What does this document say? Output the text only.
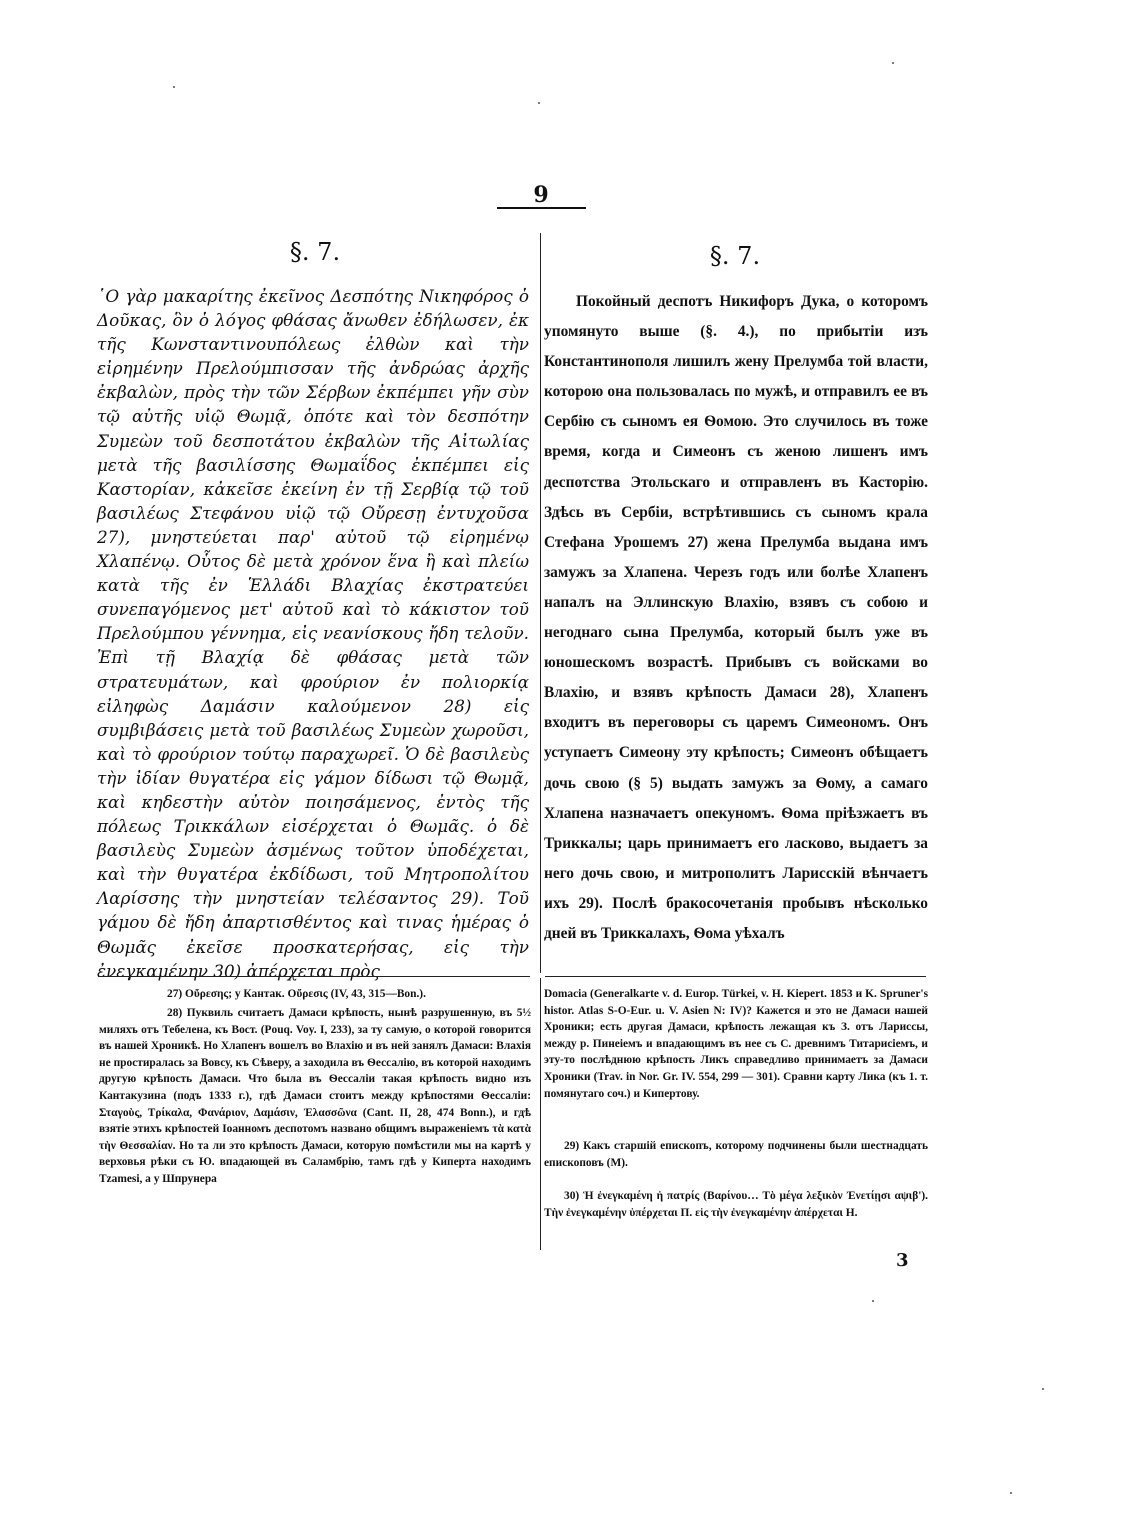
9
§. 7.	§. 7.

῾Ο γὰρ μακαρίτης ἐκεῖνος Δεσπότης Νικηφόρος ὁ Δοῦκας, ὃν ὁ λόγος φθάσας ἄνωθεν ἐδήλωσεν, ἐκ τῆς Κωνσταντινουπόλεως ἐλθὼν καὶ τὴν εἰρημένην Πρελούμπισσαν τῆς ἀνδρώας ἀρχῆς ἐκβαλὼν, πρὸς τὴν τῶν Σέρβων ἐκπέμπει γῆν σὺν τῷ αὐτῆς υἱῷ Θωμᾷ, ὁπότε καὶ τὸν δεσπότην Συμεὼν τοῦ δεσποτάτου ἐκβαλὼν τῆς Αἰτωλίας μετὰ τῆς βασιλίσσης Θωμαΐδος ἐκπέμπει εἰς Καστορίαν, κἀκεῖσε ἐκείνη ἐν τῇ Σερβίᾳ τῷ τοῦ βασιλέως Στεφάνου υἱῷ τῷ Οὔρεσῃ ἐντυχοῦσα 27), μνηστεύεται παρ' αὐτοῦ τῷ εἰρημένῳ Χλαπένῳ. Οὗτος δὲ μετὰ χρόνον ἕνα ἢ καὶ πλείω κατὰ τῆς ἐν Ἑλλάδι Βλαχίας ἐκστρατεύει συνεπαγόμενος μετ' αὐτοῦ καὶ τὸ κάκιστον τοῦ Πρελούμπου γέννημα, εἰς νεανίσκους ἤδη τελοῦν. Ἐπὶ τῇ Βλαχίᾳ δὲ φθάσας μετὰ τῶν στρατευμάτων, καὶ φρούριον ἐν πολιορκίᾳ εἰληφὼς Δαμάσιν καλούμενον 28) εἰς συμβιβάσεις μετὰ τοῦ βασιλέως Συμεὼν χωροῦσι, καὶ τὸ φρούριον τούτῳ παραχωρεῖ. Ὁ δὲ βασιλεὺς τὴν ἰδίαν θυγατέρα εἰς γάμον δίδωσι τῷ Θωμᾷ, καὶ κηδεστὴν αὐτὸν ποιησάμενος, ἐντὸς τῆς πόλεως Τρικκάλων εἰσέρχεται ὁ Θωμᾶς. ὁ δὲ βασιλεὺς Συμεὼν ἀσμένως τοῦτον ὑποδέχεται, καὶ τὴν θυγατέρα ἐκδίδωσι, τοῦ Μητροπολίτου Λαρίσσης τὴν μνηστείαν τελέσαντος 29). Τοῦ γάμου δὲ ἤδη ἀπαρτισθέντος καὶ τινας ἡμέρας ὁ Θωμᾶς ἐκεῖσε προσκατερήσας, εἰς τὴν ἐνεγκαμένην 30) ἀπέρχεται πρὸς

Покойный деспотъ Никифоръ Дука, о которомъ упомянуто выше (§. 4.), по прибытіи изъ Константинополя лишилъ жену Прелумба той власти, которою она пользовалась по мужѣ, и отправилъ ее въ Сербію съ сыномъ ея Ѳомою. Это случилось въ тоже время, когда и Симеонъ съ женою лишенъ имъ деспотства Этольскаго и отправленъ въ Касторію. Здѣсь въ Сербіи, встрѣтившись съ сыномъ крала Стефана Урошемъ 27) жена Прелумба выдана имъ замужъ за Хлапена. Черезъ годъ или болѣе Хлапенъ напалъ на Эллинскую Влахію, взявъ съ собою и негоднаго сына Прелумба, который былъ уже въ юношескомъ возрастѣ. Прибывъ съ войсками во Влахію, и взявъ крѣпость Дамаси 28), Хлапенъ входитъ въ переговоры съ царемъ Симеономъ. Онъ уступаетъ Симеону эту крѣпость; Симеонъ обѣщаетъ дочь свою (§ 5) выдать замужъ за Ѳому, а самаго Хлапена назначаетъ опекуномъ. Ѳома пріѣзжаетъ въ Триккалы; царь принимаетъ его ласково, выдаетъ за него дочь свою, и митрополитъ Ларисскій вѣнчаетъ ихъ 29). Послѣ бракосочетанія пробывъ нѣсколько дней въ Триккалахъ, Ѳома уѣхалъ

27) Οὔρεσης; у Кантак. Οὔρεσις (IV, 43, 315—Bon.).

28) Пуквиль считаетъ Дамаси крѣпость, нынѣ разрушенную, въ 5½ миляхъ отъ Тебелена, къ Вост. (Pouq. Voy. I, 233), за ту самую, о которой говорится въ нашей Хроникѣ. Но Хлапенъ вошелъ во Влахію и въ ней занялъ Дамаси: Влахія не простиралась за Вовсу, къ Сѣверу, а заходила въ Ѳессалію, въ которой находимъ другую крѣпость Дамаси. Что была въ Ѳессаліи такая крѣпость видно изъ Кантакузина (подъ 1333 г.), гдѣ Дамаси стоитъ между крѣпостями Ѳессаліи: Σταγοὺς, Τρίκαλα, Φανάριον, Δαμάσιν, Ἐλασσῶνα (Cant. II, 28, 474 Bonn.), и гдѣ взятіе этихъ крѣпостей Іоанномъ деспотомъ названо общимъ выраженіемъ τὰ κατὰ τὴν Θεσσαλίαν. Но та ли это крѣпость Дамаси, которую помѣстили мы на картѣ у верховья рѣки съ Ю. впадающей въ Саламбрію, тамъ гдѣ у Киперта находимъ Tzamesi, а у Шпрунера

Domacia (Generalkarte v. d. Europ. Türkei, v. H. Kiepert. 1853 и K. Spruner's histor. Atlas S-O-Eur. u. V. Asien N: IV)? Кажется и это не Дамаси нашей Хроники; есть другая Дамаси, крѣпость лежащая къ З. отъ Ларисcы, между р. Пинеіемъ и впадающимъ въ нее съ С. древнимъ Титарисіемъ, и эту-то послѣднюю крѣпость Ликъ справедливо принимаетъ за Дамаси Хроники (Trav. in Nor. Gr. IV. 554, 299 — 301). Сравни карту Лика (къ 1. т. помянутаго соч.) и Кипертову.

29) Какъ старшій епископъ, которому подчинены были шестнадцать епископовъ (М).

30) Ἡ ἐνεγκαμένη ἡ πατρίς (Βαρίνου… Τὸ μέγα λεξικὸν Ἐνετίῃσι αψιβ'). Τὴν ἐνεγκαμένην ὑπέρχεται Π. εἰς τὴν ἐνεγκαμένην ἀπέρχεται Η.

3
